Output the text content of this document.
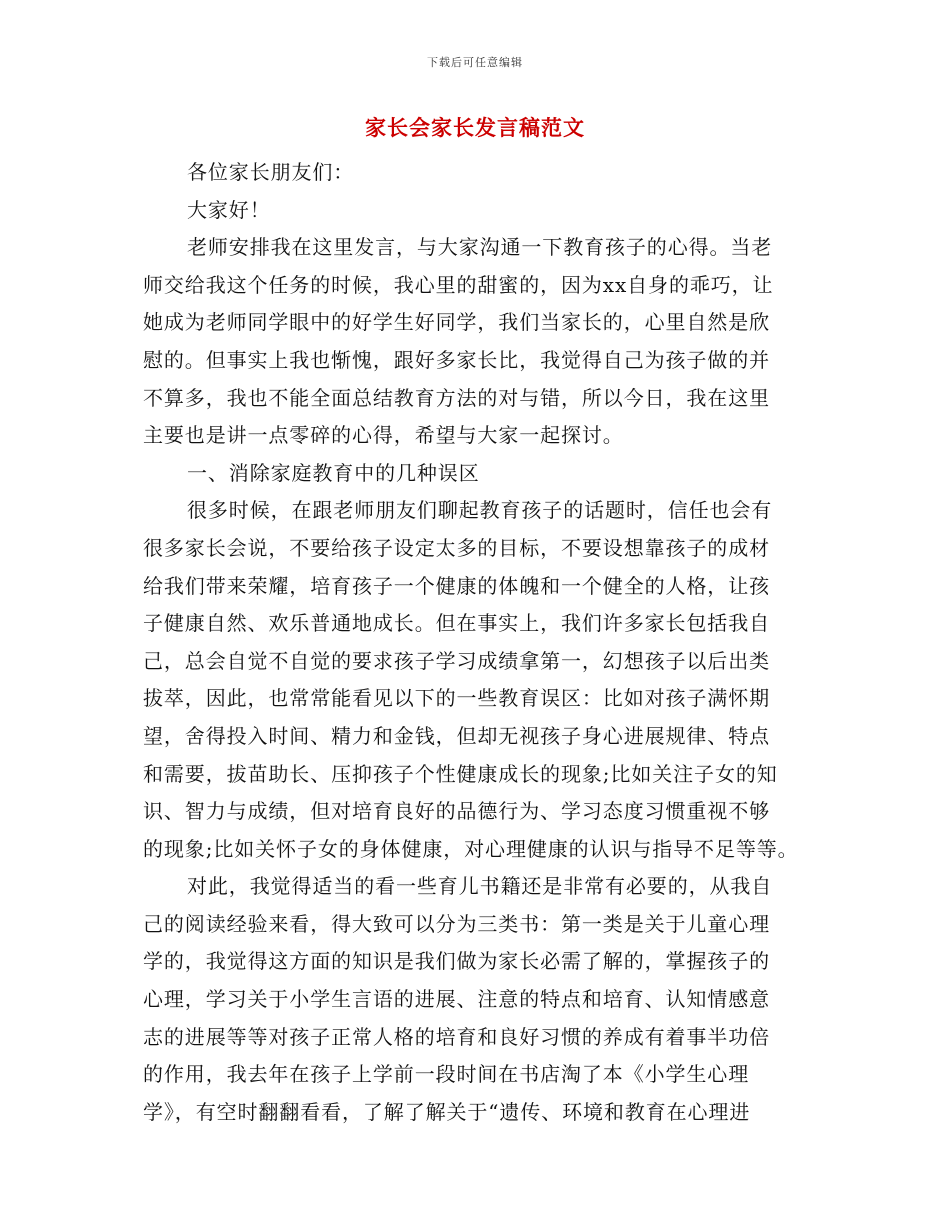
下载后可任意编辑
家长会家长发言稿范文
各位家长朋友们：
大家好！
老师安排我在这里发言，与大家沟通一下教育孩子的心得。当老
师交给我这个任务的时候，我心里的甜蜜的，因为xx自身的乖巧，让
她成为老师同学眼中的好学生好同学，我们当家长的，心里自然是欣
慰的。但事实上我也惭愧，跟好多家长比，我觉得自己为孩子做的并
不算多，我也不能全面总结教育方法的对与错，所以今日，我在这里
主要也是讲一点零碎的心得，希望与大家一起探讨。
一、消除家庭教育中的几种误区
很多时候，在跟老师朋友们聊起教育孩子的话题时，信任也会有
很多家长会说，不要给孩子设定太多的目标，不要设想靠孩子的成材
给我们带来荣耀，培育孩子一个健康的体魄和一个健全的人格，让孩
子健康自然、欢乐普通地成长。但在事实上，我们许多家长包括我自
己，总会自觉不自觉的要求孩子学习成绩拿第一，幻想孩子以后出类
拔萃，因此，也常常能看见以下的一些教育误区：比如对孩子满怀期
望，舍得投入时间、精力和金钱，但却无视孩子身心进展规律、特点
和需要，拔苗助长、压抑孩子个性健康成长的现象;比如关注子女的知
识、智力与成绩，但对培育良好的品德行为、学习态度习惯重视不够
的现象;比如关怀子女的身体健康，对心理健康的认识与指导不足等等。
对此，我觉得适当的看一些育儿书籍还是非常有必要的，从我自
己的阅读经验来看，得大致可以分为三类书：第一类是关于儿童心理
学的，我觉得这方面的知识是我们做为家长必需了解的，掌握孩子的
心理，学习关于小学生言语的进展、注意的特点和培育、认知情感意
志的进展等等对孩子正常人格的培育和良好习惯的养成有着事半功倍
的作用，我去年在孩子上学前一段时间在书店淘了本《小学生心理
学》，有空时翻翻看看，了解了解关于“遗传、环境和教育在心理进
